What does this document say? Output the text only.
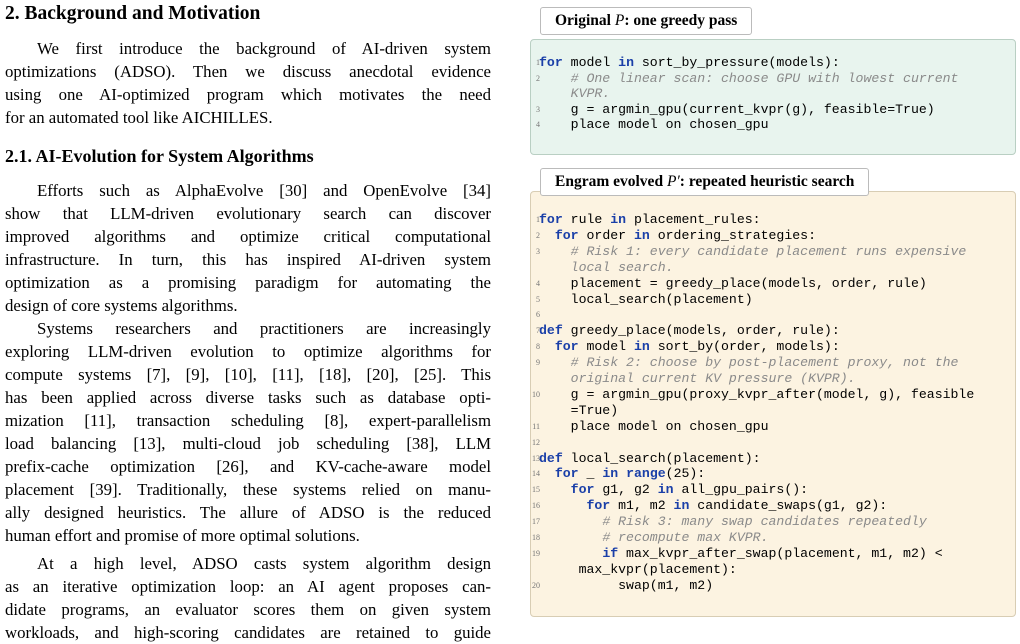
2. Background and Motivation
We first introduce the background of AI-driven system
optimizations (ADSO). Then we discuss anecdotal evidence
using one AI-optimized program which motivates the need
for an automated tool like AICHILLES.
2.1. AI-Evolution for System Algorithms
Efforts such as AlphaEvolve [30] and OpenEvolve [34]
show that LLM-driven evolutionary search can discover
improved algorithms and optimize critical computational
infrastructure. In turn, this has inspired AI-driven system
optimization as a promising paradigm for automating the
design of core systems algorithms.
Systems researchers and practitioners are increasingly
exploring LLM-driven evolution to optimize algorithms for
compute systems [7], [9], [10], [11], [18], [20], [25]. This
has been applied across diverse tasks such as database opti-
mization [11], transaction scheduling [8], expert-parallelism
load balancing [13], multi-cloud job scheduling [38], LLM
prefix-cache optimization [26], and KV-cache-aware model
placement [39]. Traditionally, these systems relied on manu-
ally designed heuristics. The allure of ADSO is the reduced
human effort and promise of more optimal solutions.
At a high level, ADSO casts system algorithm design
as an iterative optimization loop: an AI agent proposes can-
didate programs, an evaluator scores them on given system
workloads, and high-scoring candidates are retained to guide
1 for model in sort_by_pressure(models):
2	# One linear scan: choose GPU with lowest current
KVPR.
3 g = argmin_gpu(current_kvpr(g), feasible=True)
4 place model on chosen_gpu
Original P: one greedy pass
1 for rule in placement_rules:
2	for order in ordering_strategies:
3	# Risk 1: every candidate placement runs expensive
local search.
4 placement = greedy_place(models, order, rule)
5 local_search(placement)
6
7 def greedy_place(models, order, rule):
8	for model in sort_by(order, models):
9	# Risk 2: choose by post-placement proxy, not the
original current KV pressure (KVPR).
10 g = argmin_gpu(proxy_kvpr_after(model, g), feasible
=True)
11 place model on chosen_gpu
12
13 def local_search(placement):
14	for _ in range(25):
15	for g1, g2 in all_gpu_pairs():
16	for m1, m2 in candidate_swaps(g1, g2):
17	# Risk 3: many swap candidates repeatedly
18	# recompute max KVPR.
19	if max_kvpr_after_swap(placement, m1, m2) <
max_kvpr(placement):
20 swap(m1, m2)
Engram evolved P′: repeated heuristic search
